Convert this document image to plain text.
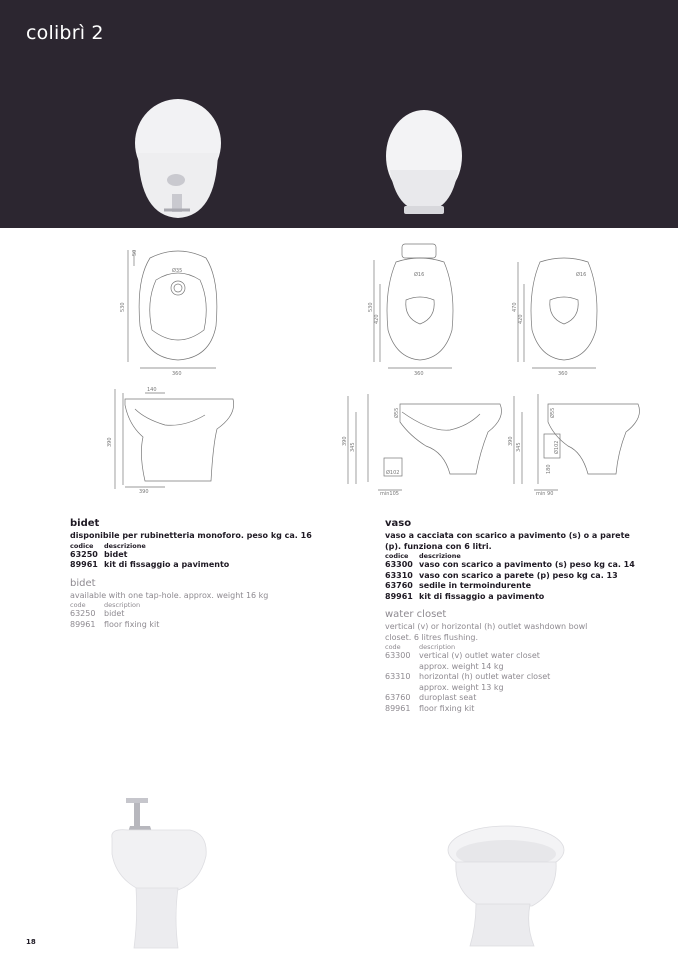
colibrì 2
Ø35
50
530
360
140
390
390
Ø16
530
420
360
Ø16
470
420
360
Ø55
390
345
Ø102
min105
Ø55
390
345	Ø102
180
min 90
bidet
disponibile per rubinetteria monoforo. peso kg ca. 16
codice	descrizione
63250 bidet
89961 kit di fissaggio a pavimento
bidet
available with one tap-hole. approx. weight 16 kg
code	description
63250	bidet
89961	floor fixing kit
vaso
vaso a cacciata con scarico a pavimento (s) o a parete
(p). funziona con 6 litri.
codice	descrizione
63300 vaso con scarico a pavimento (s) peso kg ca. 14
63310 vaso con scarico a parete (p) peso kg ca. 13
63760 sedile in termoindurente
89961 kit di fissaggio a pavimento
water closet
vertical (v) or horizontal (h) outlet washdown bowl
closet. 6 litres flushing.
code	description
63300	vertical (v) outlet water closet
approx. weight 14 kg
63310	horizontal (h) outlet water closet
approx. weight 13 kg
63760	duroplast seat
89961	floor fixing kit
18
